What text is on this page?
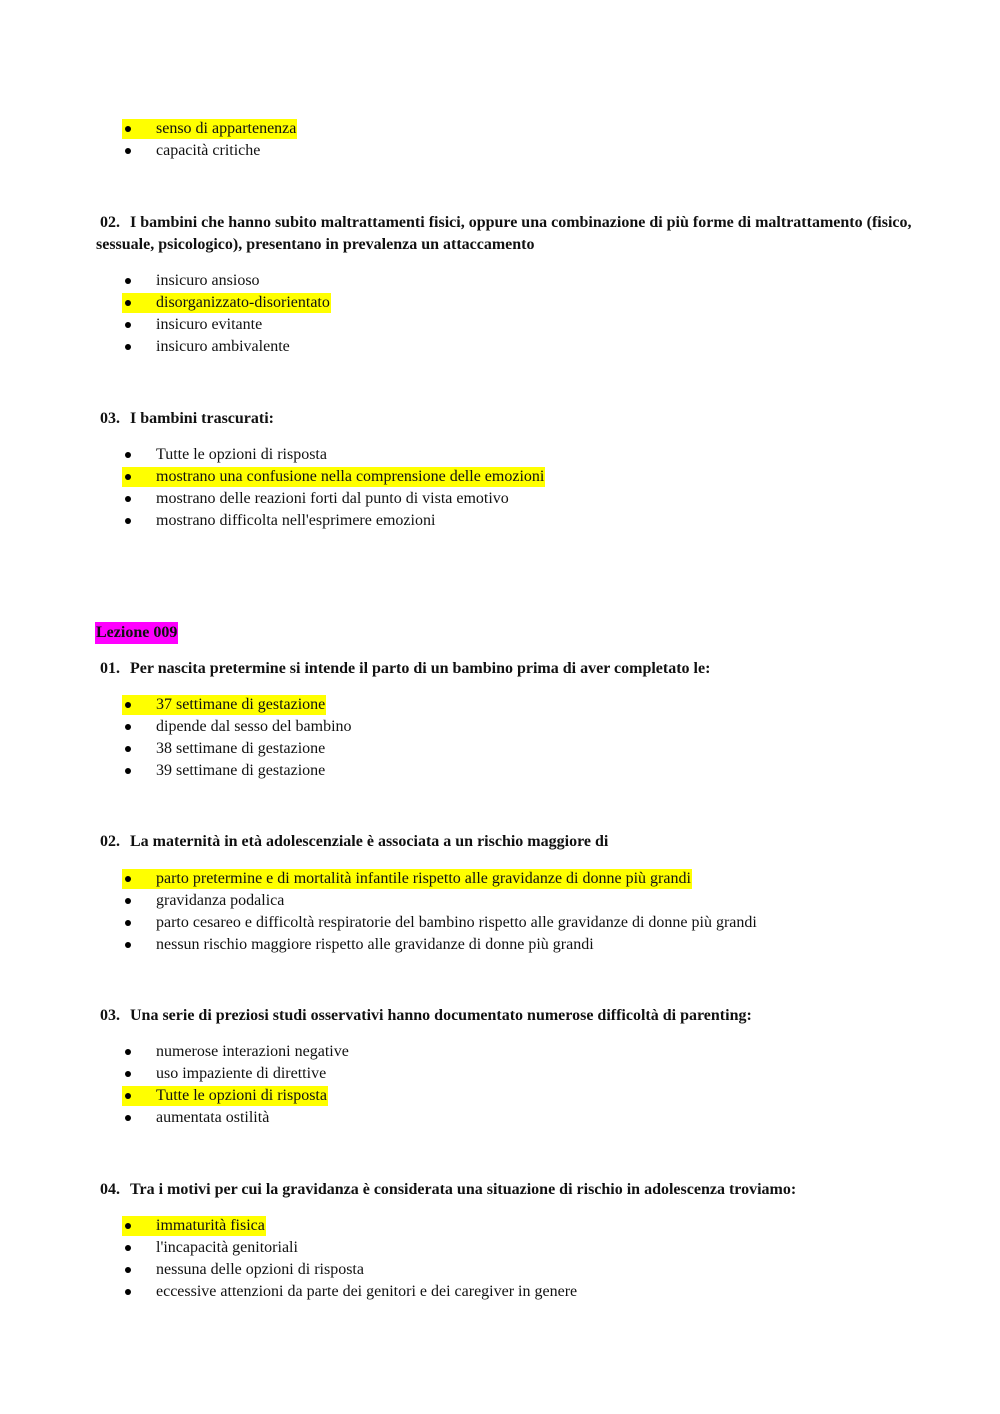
senso di appartenenza
capacità critiche
02. I bambini che hanno subito maltrattamenti fisici, oppure una combinazione di più forme di maltrattamento (fisico, sessuale, psicologico), presentano in prevalenza un attaccamento
insicuro ansioso
disorganizzato-disorientato
insicuro evitante
insicuro ambivalente
03. I bambini trascurati:
Tutte le opzioni di risposta
mostrano una confusione nella comprensione delle emozioni
mostrano delle reazioni forti dal punto di vista emotivo
mostrano difficolta nell'esprimere emozioni
Lezione 009
01. Per nascita pretermine si intende il parto di un bambino prima di aver completato le:
37 settimane di gestazione
dipende dal sesso del bambino
38 settimane di gestazione
39 settimane di gestazione
02. La maternità in età adolescenziale è associata a un rischio maggiore di
parto pretermine e di mortalità infantile rispetto alle gravidanze di donne più grandi
gravidanza podalica
parto cesareo e difficoltà respiratorie del bambino rispetto alle gravidanze di donne più grandi
nessun rischio maggiore rispetto alle gravidanze di donne più grandi
03. Una serie di preziosi studi osservativi hanno documentato numerose difficoltà di parenting:
numerose interazioni negative
uso impaziente di direttive
Tutte le opzioni di risposta
aumentata ostilità
04. Tra i motivi per cui la gravidanza è considerata una situazione di rischio in adolescenza troviamo:
immaturità fisica
l'incapacità genitoriali
nessuna delle opzioni di risposta
eccessive attenzioni da parte dei genitori e dei caregiver in genere
